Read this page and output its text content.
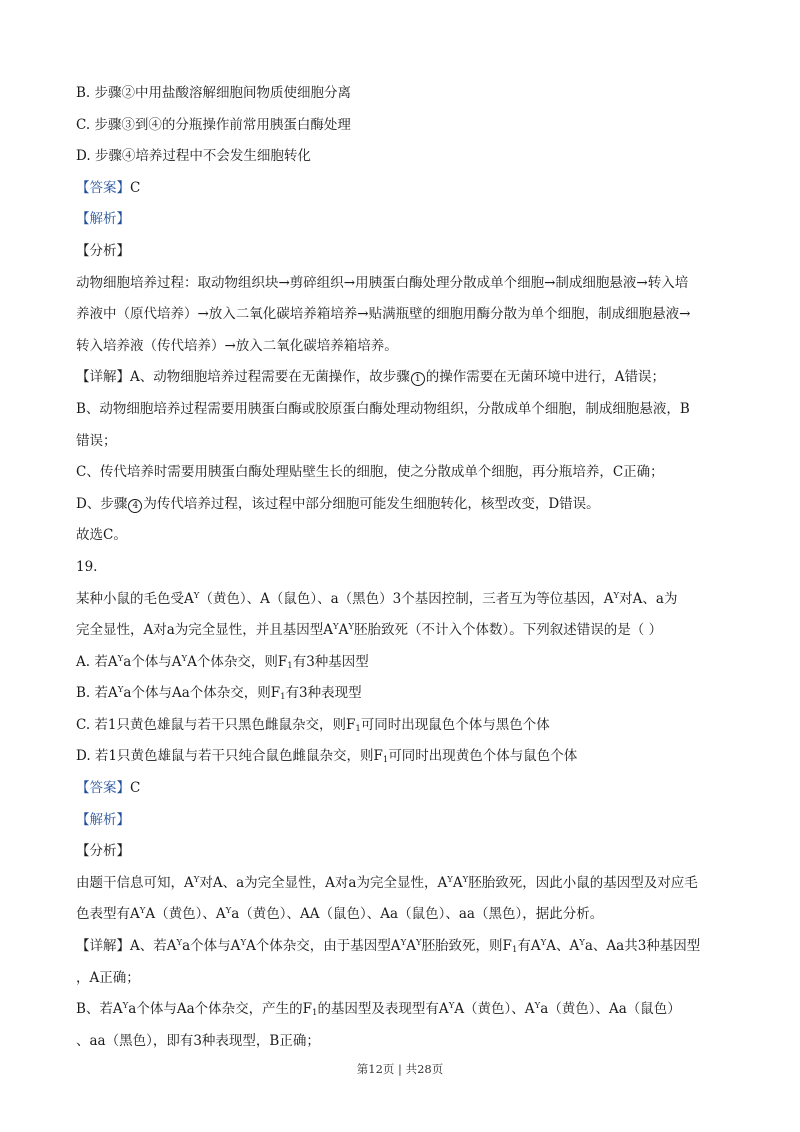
B. 步骤②中用盐酸溶解细胞间物质使细胞分离
C. 步骤③到④的分瓶操作前常用胰蛋白酶处理
D. 步骤④培养过程中不会发生细胞转化
【答案】C
【解析】
【分析】
动物细胞培养过程：取动物组织块→剪碎组织→用胰蛋白酶处理分散成单个细胞→制成细胞悬液→转入培
养液中（原代培养）→放入二氧化碳培养箱培养→贴满瓶壁的细胞用酶分散为单个细胞，制成细胞悬液→
转入培养液（传代培养）→放入二氧化碳培养箱培养。
【详解】A、动物细胞培养过程需要在无菌操作，故步骤 1 的操作需要在无菌环境中进行，A错误；
B、动物细胞培养过程需要用胰蛋白酶或胶原蛋白酶处理动物组织，分散成单个细胞，制成细胞悬液，B
错误；
C、传代培养时需要用胰蛋白酶处理贴壁生长的细胞，使之分散成单个细胞，再分瓶培养，C正确；
D、步骤 4 为传代培养过程，该过程中部分细胞可能发生细胞转化，核型改变，D错误。
故选C。
19.
某种小鼠的毛色受$A^Y$（黄色）、A（鼠色）、a（黑色）3个基因控制，三者互为等位基因，$A^Y$对A、a为
完全显性，A对a为完全显性，并且基因型$A^YA^Y$胚胎致死（不计入个体数）。下列叙述错误的是（ ）
A. 若$A^Ya$个体与$A^YA$个体杂交，则$F_1$有3种基因型
B. 若$A^Ya$个体与Aa个体杂交，则$F_1$有3种表现型
C. 若1只黄色雄鼠与若干只黑色雌鼠杂交，则$F_1$可同时出现鼠色个体与黑色个体
D. 若1只黄色雄鼠与若干只纯合鼠色雌鼠杂交，则$F_1$可同时出现黄色个体与鼠色个体
【答案】C
【解析】
【分析】
由题干信息可知，$A^Y$对A、a为完全显性，A对a为完全显性，$A^YA^Y$胚胎致死，因此小鼠的基因型及对应毛
色表型有$A^YA$（黄色）、$A^Ya$（黄色）、AA（鼠色）、Aa（鼠色）、aa（黑色），据此分析。
【详解】A、若$A^Ya$个体与$A^YA$个体杂交，由于基因型$A^YA^Y$胚胎致死，则$F_1$有$A^YA$、$A^Ya$、Aa共3种基因型
，A正确；
B、若$A^Ya$个体与Aa个体杂交，产生的$F_1$的基因型及表现型有$A^YA$（黄色）、$A^Ya$（黄色）、Aa（鼠色）
、aa（黑色），即有3种表现型，B正确；
第12页 | 共28页
